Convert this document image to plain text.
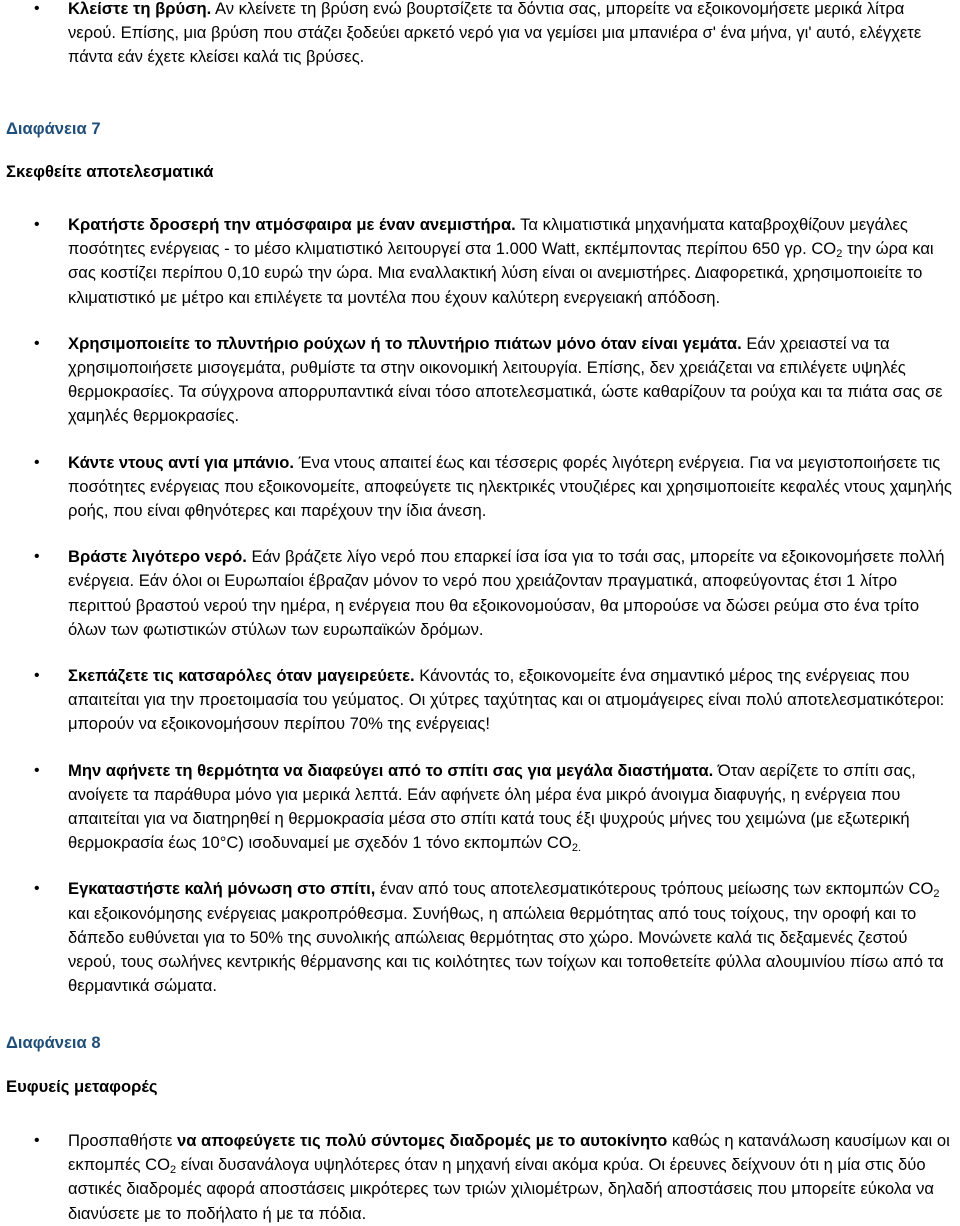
• Κλείστε τη βρύση. Αν κλείνετε τη βρύση ενώ βουρτσίζετε τα δόντια σας, μπορείτε να εξοικονομήσετε μερικά λίτρα νερού. Επίσης, μια βρύση που στάζει ξοδεύει αρκετό νερό για να γεμίσει μια μπανιέρα σ' ένα μήνα, γι' αυτό, ελέγχετε πάντα εάν έχετε κλείσει καλά τις βρύσες.
Διαφάνεια 7
Σκεφθείτε αποτελεσματικά
• Κρατήστε δροσερή την ατμόσφαιρα με έναν ανεμιστήρα. Τα κλιματιστικά μηχανήματα καταβροχθίζουν μεγάλες ποσότητες ενέργειας - το μέσο κλιματιστικό λειτουργεί στα 1.000 Watt, εκπέμποντας περίπου 650 γρ. $CO_2$ την ώρα και σας κοστίζει περίπου 0,10 ευρώ την ώρα. Μια εναλλακτική λύση είναι οι ανεμιστήρες. Διαφορετικά, χρησιμοποιείτε το κλιματιστικό με μέτρο και επιλέγετε τα μοντέλα που έχουν καλύτερη ενεργειακή απόδοση.
• Χρησιμοποιείτε το πλυντήριο ρούχων ή το πλυντήριο πιάτων μόνο όταν είναι γεμάτα. Εάν χρειαστεί να τα χρησιμοποιήσετε μισογεμάτα, ρυθμίστε τα στην οικονομική λειτουργία. Επίσης, δεν χρειάζεται να επιλέγετε υψηλές θερμοκρασίες. Τα σύγχρονα απορρυπαντικά είναι τόσο αποτελεσματικά, ώστε καθαρίζουν τα ρούχα και τα πιάτα σας σε χαμηλές θερμοκρασίες.
• Κάντε ντους αντί για μπάνιο. Ένα ντους απαιτεί έως και τέσσερις φορές λιγότερη ενέργεια. Για να μεγιστοποιήσετε τις ποσότητες ενέργειας που εξοικονομείτε, αποφεύγετε τις ηλεκτρικές ντουζιέρες και χρησιμοποιείτε κεφαλές ντους χαμηλής ροής, που είναι φθηνότερες και παρέχουν την ίδια άνεση.
• Βράστε λιγότερο νερό. Εάν βράζετε λίγο νερό που επαρκεί ίσα ίσα για το τσάι σας, μπορείτε να εξοικονομήσετε πολλή ενέργεια. Εάν όλοι οι Ευρωπαίοι έβραζαν μόνον το νερό που χρειάζονταν πραγματικά, αποφεύγοντας έτσι 1 λίτρο περιττού βραστού νερού την ημέρα, η ενέργεια που θα εξοικονομούσαν, θα μπορούσε να δώσει ρεύμα στο ένα τρίτο όλων των φωτιστικών στύλων των ευρωπαϊκών δρόμων.
• Σκεπάζετε τις κατσαρόλες όταν μαγειρεύετε. Κάνοντάς το, εξοικονομείτε ένα σημαντικό μέρος της ενέργειας που απαιτείται για την προετοιμασία του γεύματος. Οι χύτρες ταχύτητας και οι ατμομάγειρες είναι πολύ αποτελεσματικότεροι: μπορούν να εξοικονομήσουν περίπου 70% της ενέργειας!
• Μην αφήνετε τη θερμότητα να διαφεύγει από το σπίτι σας για μεγάλα διαστήματα. Όταν αερίζετε το σπίτι σας, ανοίγετε τα παράθυρα μόνο για μερικά λεπτά. Εάν αφήνετε όλη μέρα ένα μικρό άνοιγμα διαφυγής, η ενέργεια που απαιτείται για να διατηρηθεί η θερμοκρασία μέσα στο σπίτι κατά τους έξι ψυχρούς μήνες του χειμώνα (με εξωτερική θερμοκρασία έως 10°C) ισοδυναμεί με σχεδόν 1 τόνο εκπομπών $CO_{2.}$
• Εγκαταστήστε καλή μόνωση στο σπίτι, έναν από τους αποτελεσματικότερους τρόπους μείωσης των εκπομπών $CO_2$ και εξοικονόμησης ενέργειας μακροπρόθεσμα. Συνήθως, η απώλεια θερμότητας από τους τοίχους, την οροφή και το δάπεδο ευθύνεται για το 50% της συνολικής απώλειας θερμότητας στο χώρο. Μονώνετε καλά τις δεξαμενές ζεστού νερού, τους σωλήνες κεντρικής θέρμανσης και τις κοιλότητες των τοίχων και τοποθετείτε φύλλα αλουμινίου πίσω από τα θερμαντικά σώματα.
Διαφάνεια 8
Ευφυείς μεταφορές
• Προσπαθήστε να αποφεύγετε τις πολύ σύντομες διαδρομές με το αυτοκίνητο καθώς η κατανάλωση καυσίμων και οι εκπομπές $CO_2$ είναι δυσανάλογα υψηλότερες όταν η μηχανή είναι ακόμα κρύα. Οι έρευνες δείχνουν ότι η μία στις δύο αστικές διαδρομές αφορά αποστάσεις μικρότερες των τριών χιλιομέτρων, δηλαδή αποστάσεις που μπορείτε εύκολα να διανύσετε με το ποδήλατο ή με τα πόδια.
